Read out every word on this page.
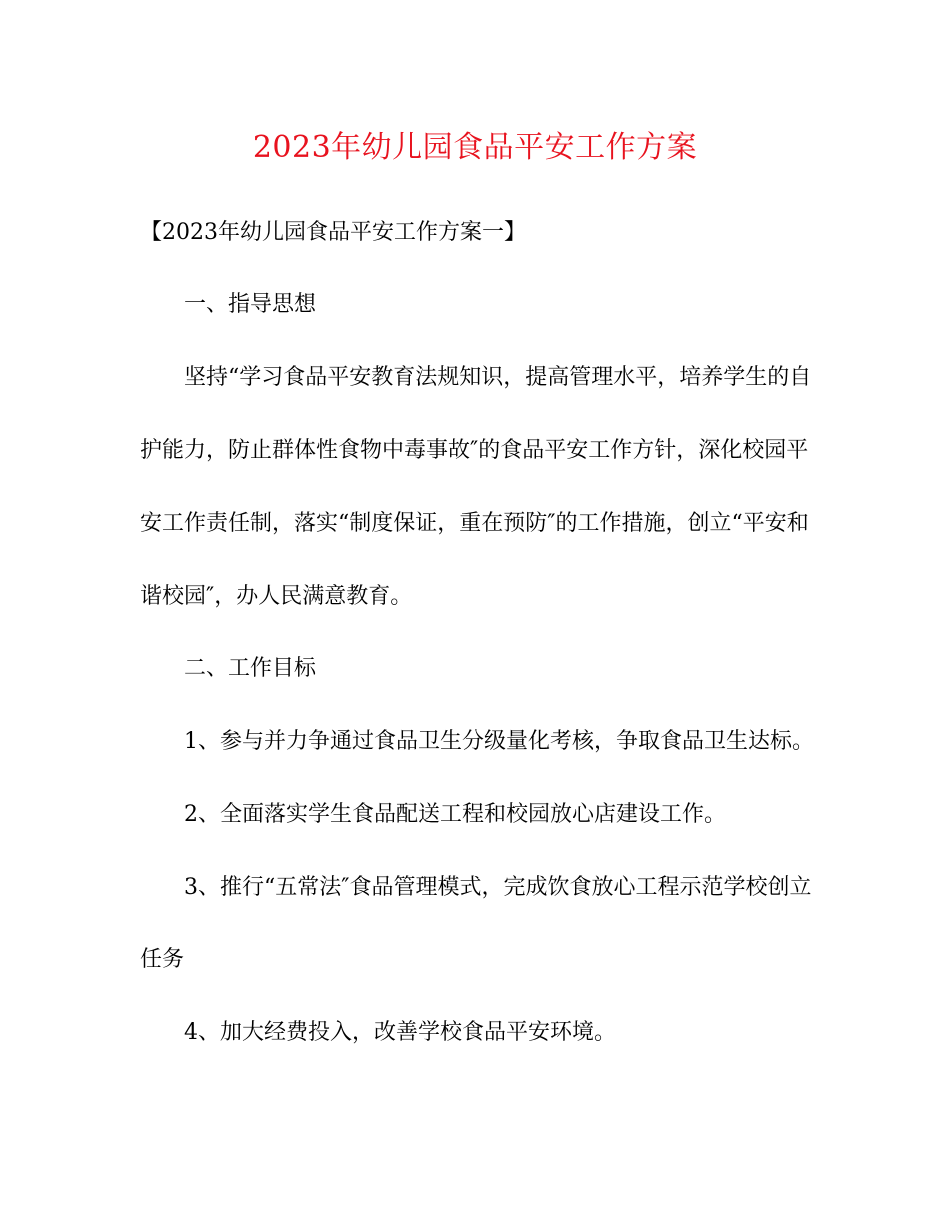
2023年幼儿园食品平安工作方案

【2023年幼儿园食品平安工作方案一】

一、指导思想

坚持“学习食品平安教育法规知识，提高管理水平，培养学生的自

护能力，防止群体性食物中毒事故″的食品平安工作方针，深化校园平

安工作责任制，落实“制度保证，重在预防″的工作措施，创立“平安和

谐校园″，办人民满意教育。

二、工作目标

1、参与并力争通过食品卫生分级量化考核，争取食品卫生达标。

2、全面落实学生食品配送工程和校园放心店建设工作。

3、推行“五常法″食品管理模式，完成饮食放心工程示范学校创立

任务

4、加大经费投入，改善学校食品平安环境。
